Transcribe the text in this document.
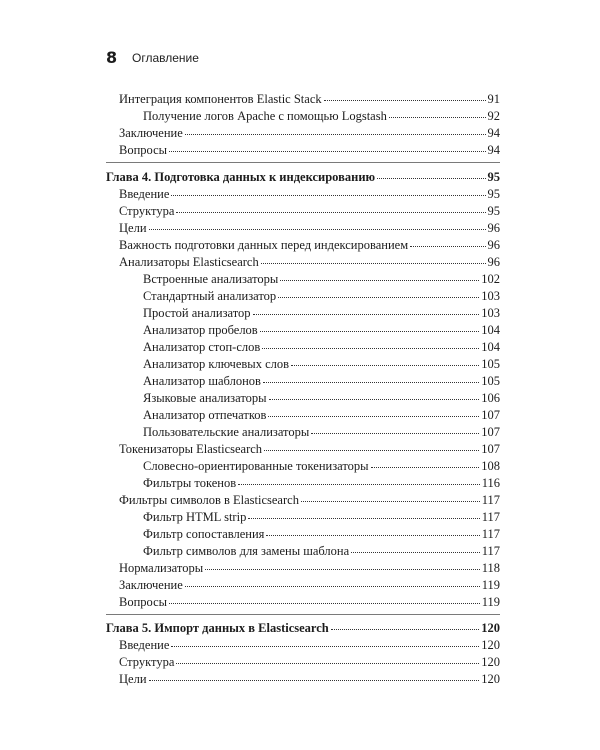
8 Оглавление
Интеграция компонентов Elastic Stack	91
Получение логов Apache с помощью Logstash	92
Заключение	94
Вопросы	94
Глава 4. Подготовка данных к индексированию	95
Введение	95
Структура	95
Цели	96
Важность подготовки данных перед индексированием	96
Анализаторы Elasticsearch	96
Встроенные анализаторы	102
Стандартный анализатор	103
Простой анализатор	103
Анализатор пробелов	104
Анализатор стоп-слов	104
Анализатор ключевых слов	105
Анализатор шаблонов	105
Языковые анализаторы	106
Анализатор отпечатков	107
Пользовательские анализаторы	107
Токенизаторы Elasticsearch	107
Словесно-ориентированные токенизаторы	108
Фильтры токенов	116
Фильтры символов в Elasticsearch	117
Фильтр HTML strip	117
Фильтр сопоставления	117
Фильтр символов для замены шаблона	117
Нормализаторы	118
Заключение	119
Вопросы	119
Глава 5. Импорт данных в Elasticsearch	120
Введение	120
Структура	120
Цели	120
